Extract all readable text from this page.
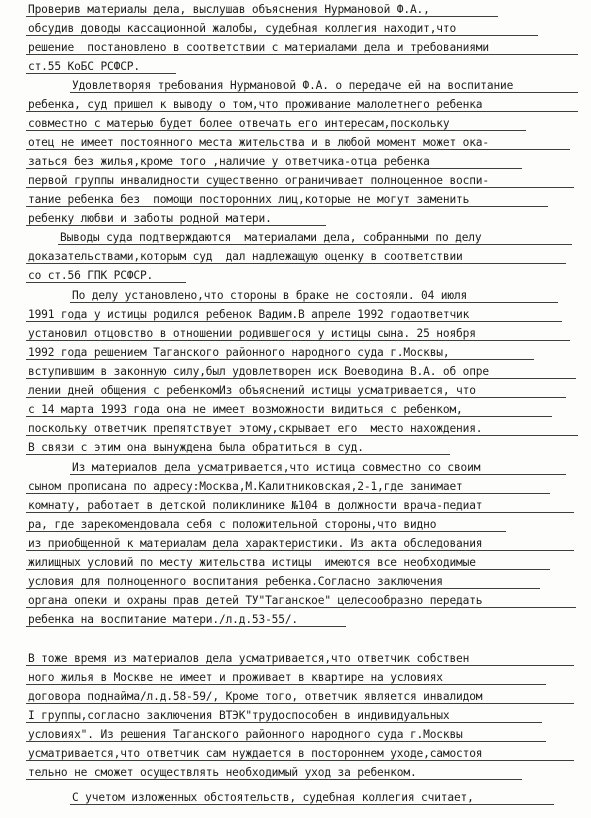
Проверив материалы дела, выслушав объяснения Нурмановой Ф.А.,
обсудив доводы кассационной жалобы, судебная коллегия находит,что
решение  постановлено в соответствии с материалами дела и требованиями
ст.55 КоБС РСФСР.
Удовлетворяя требования Нурмановой Ф.А. о передаче ей на воспитание
ребенка, суд пришел к выводу о том,что проживание малолетнего ребенка
совместно с матерью будет более отвечать его интересам,поскольку
отец не имеет постоянного места жительства и в любой момент может ока-
заться без жилья,кроме того ,наличие у ответчика-отца ребенка
первой группы инвалидности существенно ограничивает полноценное воспи-
тание ребенка без  помощи посторонних лиц,которые не могут заменить
ребенку любви и заботы родной матери.
Выводы суда подтверждаются  материалами дела, собранными по делу
доказательствами,которым суд  дал надлежащую оценку в соответствии
со ст.56 ГПК РСФСР.
По делу установлено,что стороны в браке не состояли. 04 июля
1991 года у истицы родился ребенок Вадим.В апреле 1992 годаответчик
установил отцовство в отношении родившегося у истицы сына. 25 ноября
1992 года решением Таганского районного народного суда г.Москвы,
вступившим в законную силу,был удовлетворен иск Воеводина В.А. об опре
лении дней общения с ребенкомИз объяснений истицы усматривается, что
с 14 марта 1993 года она не имеет возможности видиться с ребенком,
поскольку ответчик препятствует этому,скрывает его  место нахождения.
В связи с этим она вынуждена была обратиться в суд.
Из материалов дела усматривается,что истица совместно со своим
сыном прописана по адресу:Москва,М.Калитниковская,2-1,где занимает
комнату, работает в детской поликлинике №104 в должности врача-педиат
ра, где зарекомендовала себя с положительной стороны,что видно
из приобщенной к материалам дела характеристики. Из акта обследования
жилищных условий по месту жительства истицы  имеются все необходимые
условия для полноценного воспитания ребенка.Согласно заключения
органа опеки и охраны прав детей ТУ"Таганское" целесообразно передать
ребенка на воспитание матери./л.д.53-55/.
В тоже время из материалов дела усматривается,что ответчик собствен
ного жилья в Москве не имеет и проживает в квартире на условиях
договора поднайма/л.д.58-59/, Кроме того, ответчик является инвалидом
I группы,согласно заключения ВТЭК"трудоспособен в индивидуальных
условиях". Из решения Таганского районного народного суда г.Москвы
усматривается,что ответчик сам нуждается в постороннем уходе,самостоя
тельно не сможет осуществлять необходимый уход за ребенком.
С учетом изложенных обстоятельств, судебная коллегия считает,
